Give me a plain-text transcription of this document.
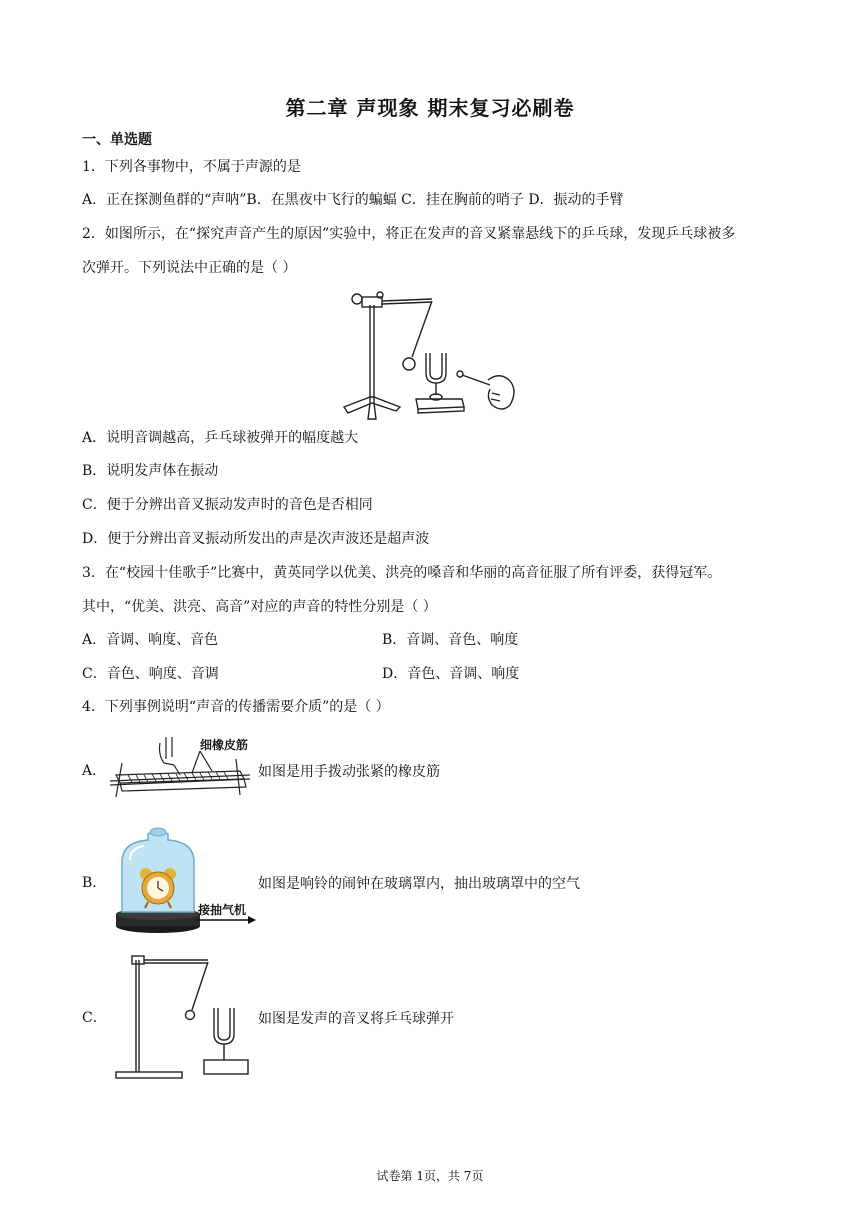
第二章 声现象 期末复习必刷卷
一、单选题
1．下列各事物中，不属于声源的是
A．正在探测鱼群的“声呐”B．在黑夜中飞行的蝙蝠 C．挂在胸前的哨子 D．振动的手臂
2．如图所示，在“探究声音产生的原因”实验中，将正在发声的音叉紧靠悬线下的乒乓球，发现乒乓球被多
次弹开。下列说法中正确的是（ ）
A．说明音调越高，乒乓球被弹开的幅度越大
B．说明发声体在振动
C．便于分辨出音叉振动发声时的音色是否相同
D．便于分辨出音叉振动所发出的声是次声波还是超声波
3．在“校园十佳歌手”比赛中，黄英同学以优美、洪亮的嗓音和华丽的高音征服了所有评委，获得冠军。
其中，“优美、洪亮、高音”对应的声音的特性分别是（ ）
A．音调、响度、音色	B．音调、音色、响度
C．音色、响度、音调	D．音色、音调、响度
4．下列事例说明“声音的传播需要介质”的是（ ）
A．
细橡皮筋
如图是用手拨动张紧的橡皮筋
B．
接抽气机
如图是响铃的闹钟在玻璃罩内，抽出玻璃罩中的空气
C．	如图是发声的音叉将乒乓球弹开
试卷第 1页，共 7页
